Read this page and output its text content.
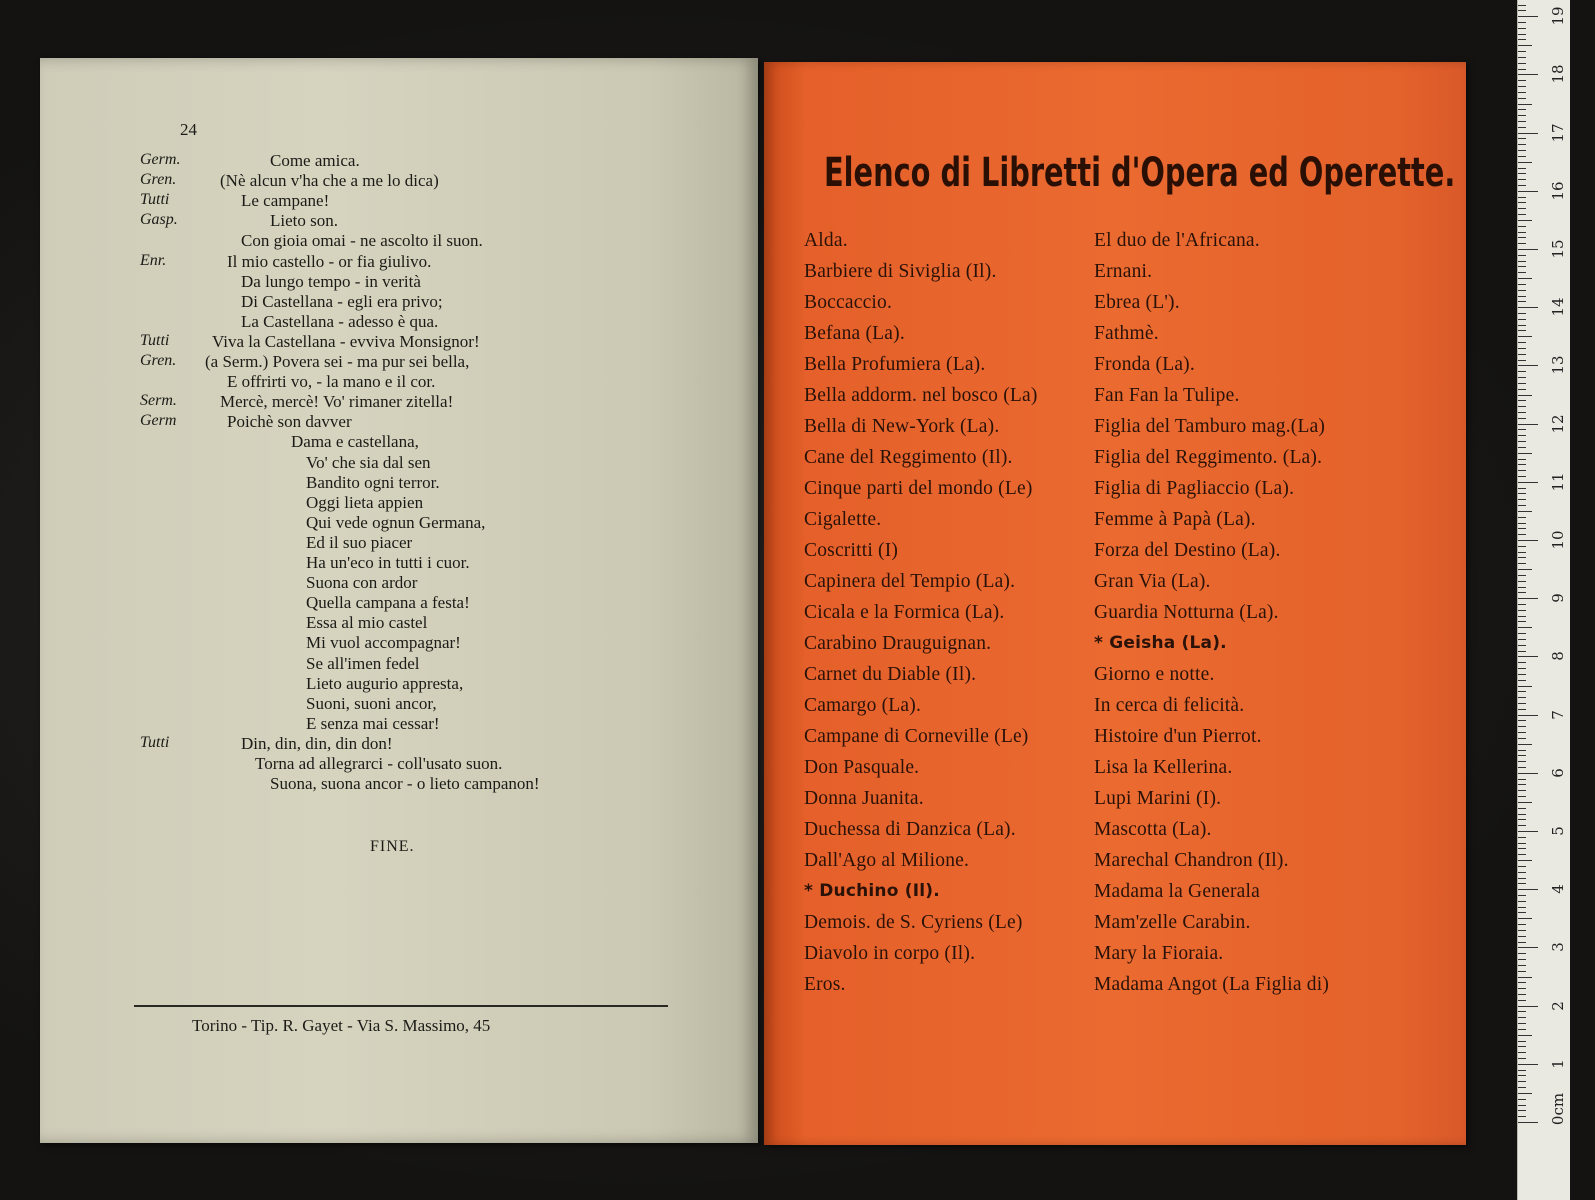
24
Germ.	Come amica.
Gren.	(Nè alcun v'ha che a me lo dica)
Tutti	Le campane!
Gasp.	Lieto son.
Con gioia omai - ne ascolto il suon.
Enr.	Il mio castello - or fia giulivo.
Da lungo tempo - in verità
Di Castellana - egli era privo;
La Castellana - adesso è qua.
Tutti	Viva la Castellana - evviva Monsignor!
Gren. (a Serm.) Povera sei - ma pur sei bella,
E offrirti vo, - la mano e il cor.
Serm.	Mercè, mercè! Vo' rimaner zitella!
Germ	Poichè son davver
Dama e castellana,
Vo' che sia dal sen
Bandito ogni terror.
Oggi lieta appien
Qui vede ognun Germana,
Ed il suo piacer
Ha un'eco in tutti i cuor.
Suona con ardor
Quella campana a festa!
Essa al mio castel
Mi vuol accompagnar!
Se all'imen fedel
Lieto augurio appresta,
Suoni, suoni ancor,
E senza mai cessar!
Tutti	Din, din, din, din don!
Torna ad allegrarci - coll'usato suon.
Suona, suona ancor - o lieto campanon!
FINE.
Torino - Tip. R. Gayet - Via S. Massimo, 45
Elenco di Libretti d'Opera ed Operette.
Alda.
Barbiere di Siviglia (Il).
Boccaccio.
Befana (La).
Bella Profumiera (La).
Bella addorm. nel bosco (La)
Bella di New-York (La).
Cane del Reggimento (Il).
Cinque parti del mondo (Le)
Cigalette.
Coscritti (I)
Capinera del Tempio (La).
Cicala e la Formica (La).
Carabino Drauguignan.
Carnet du Diable (Il).
Camargo (La).
Campane di Corneville (Le)
Don Pasquale.
Donna Juanita.
Duchessa di Danzica (La).
Dall'Ago al Milione.
* Duchino (Il).
Demois. de S. Cyriens (Le)
Diavolo in corpo (Il).
Eros.
El duo de l'Africana.
Ernani.
Ebrea (L').
Fathmè.
Fronda (La).
Fan Fan la Tulipe.
Figlia del Tamburo mag.(La)
Figlia del Reggimento. (La).
Figlia di Pagliaccio (La).
Femme à Papà (La).
Forza del Destino (La).
Gran Via (La).
Guardia Notturna (La).
* Geisha (La).
Giorno e notte.
In cerca di felicità.
Histoire d'un Pierrot.
Lisa la Kellerina.
Lupi Marini (I).
Mascotta (La).
Marechal Chandron (Il).
Madama la Generala
Mam'zelle Carabin.
Mary la Fioraia.
Madama Angot (La Figlia di)
0cm
1
2
3
4
5
6
7
8
9
10
11
12
13
14
15
16
17
18
19
